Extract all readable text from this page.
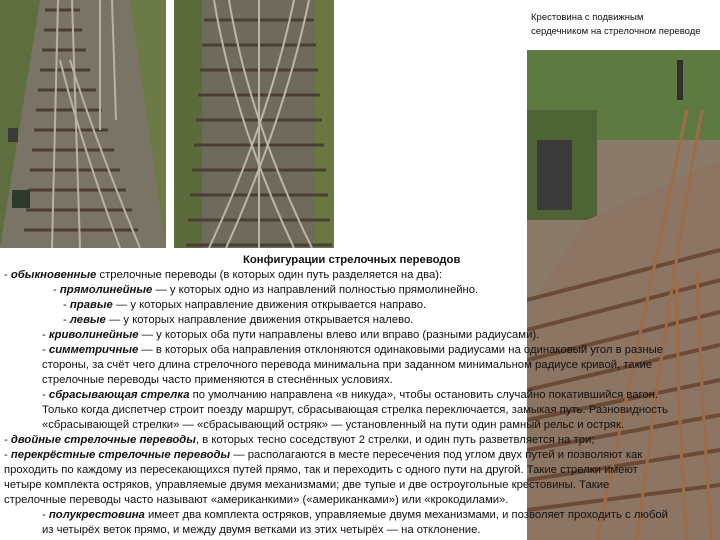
Крестовина с подвижным
сердечником на стрелочном переводе
Конфигурации стрелочных переводов
- обыкновенные стрелочные переводы (в которых один путь разделяется на два):
- прямолинейные — у которых одно из направлений полностью прямолинейно.
- правые — у которых направление движения открывается направо.
- левые — у которых направление движения открывается налево.
- криволинейные — у которых оба пути направлены влево или вправо (разными радиусами).
- симметричные — в которых оба направления отклоняются одинаковыми радиусами на одинаковый угол в разные
стороны, за счёт чего длина стрелочного перевода минимальна при заданном минимальном радиусе кривой, такие
стрелочные переводы часто применяются в стеснённых условиях.
- сбрасывающая стрелка по умолчанию направлена «в никуда», чтобы остановить случайно покатившийся вагон.
Только когда диспетчер строит поезду маршрут, сбрасывающая стрелка переключается, замыкая путь. Разновидность
«сбрасывающей стрелки» — «сбрасывающий остряк» — установленный на пути один рамный рельс и остряк.
- двойные стрелочные переводы, в которых тесно соседствуют 2 стрелки, и один путь разветвляется на три;
- перекрёстные стрелочные переводы — располагаются в месте пересечения под углом двух путей и позволяют как
проходить по каждому из пересекающихся путей прямо, так и переходить с одного пути на другой. Такие стрелки имеют
четыре комплекта остряков, управляемые двумя механизмами; две тупые и две остроугольные крестовины. Такие
стрелочные переводы часто называют «американкими» («американками») или «крокодилами».
- полукрестовина имеет два комплекта остряков, управляемые двумя механизмами, и позволяет проходить с любой
из четырёх веток прямо, и между двумя ветками из этих четырёх — на отклонение.
